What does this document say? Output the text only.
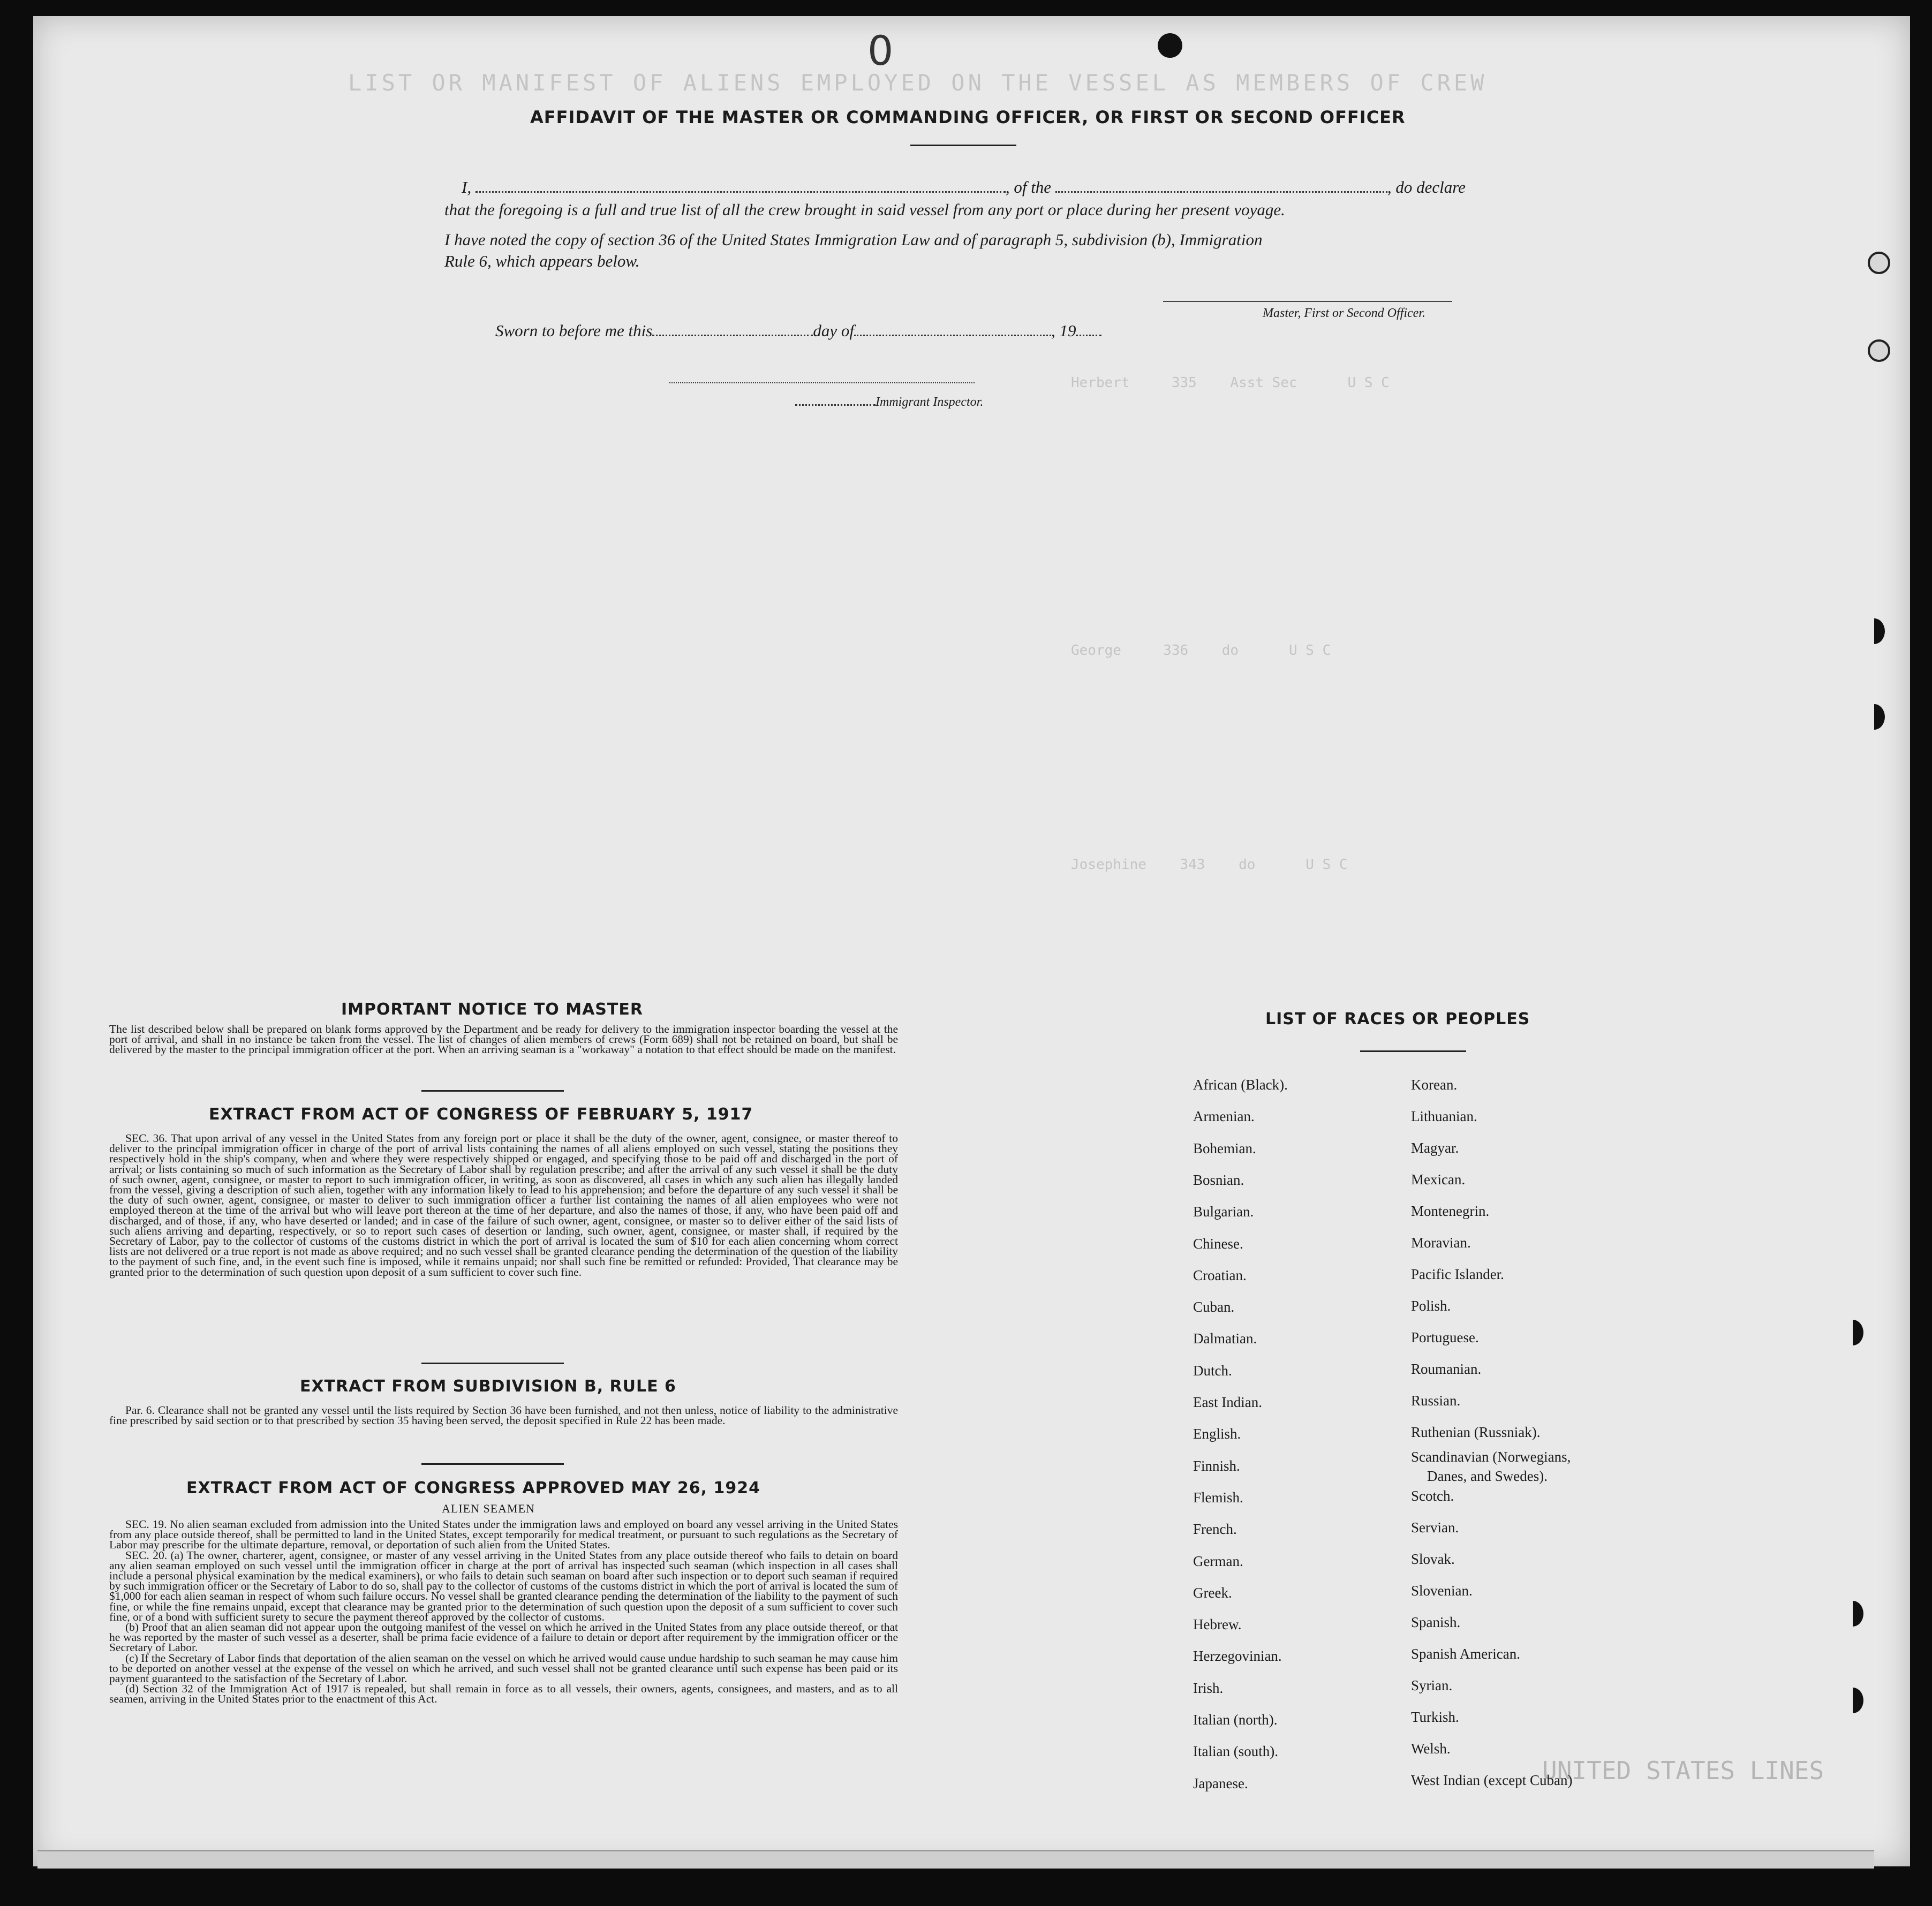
LIST OR MANIFEST OF ALIENS EMPLOYED ON THE VESSEL AS MEMBERS OF CREW
Herbert     335    Asst Sec      U S C
George     336    do      U S C
Josephine    343    do      U S C
UNITED STATES LINES
0
AFFIDAVIT OF THE MASTER OR COMMANDING OFFICER, OR FIRST OR SECOND OFFICER
I,	, of the	, do declare
that the foregoing is a full and true list of all the crew brought in said vessel from any port or place during her present voyage.
I have noted the copy of section 36 of the United States Immigration Law and of paragraph 5, subdivision (b), Immigration
Rule 6, which appears below.
Master, First or Second Officer.
Sworn to before me this	day of	, 19
Immigrant Inspector.
IMPORTANT NOTICE TO MASTER
The list described below shall be prepared on blank forms approved by the Department and be ready for delivery to the immigration inspector boarding the vessel at the port of arrival, and shall in no instance be taken from the vessel. The list of changes of alien members of crews (Form 689) shall not be retained on board, but shall be delivered by the master to the principal immigration officer at the port. When an arriving seaman is a "workaway" a notation to that effect should be made on the manifest.
EXTRACT FROM ACT OF CONGRESS OF FEBRUARY 5, 1917
SEC. 36. That upon arrival of any vessel in the United States from any foreign port or place it shall be the duty of the owner, agent, consignee, or master thereof to deliver to the principal immigration officer in charge of the port of arrival lists containing the names of all aliens employed on such vessel, stating the positions they respectively hold in the ship's company, when and where they were respectively shipped or engaged, and specifying those to be paid off and discharged in the port of arrival; or lists containing so much of such information as the Secretary of Labor shall by regulation prescribe; and after the arrival of any such vessel it shall be the duty of such owner, agent, consignee, or master to report to such immigration officer, in writing, as soon as discovered, all cases in which any such alien has illegally landed from the vessel, giving a description of such alien, together with any information likely to lead to his apprehension; and before the departure of any such vessel it shall be the duty of such owner, agent, consignee, or master to deliver to such immigration officer a further list containing the names of all alien employees who were not employed thereon at the time of the arrival but who will leave port thereon at the time of her departure, and also the names of those, if any, who have been paid off and discharged, and of those, if any, who have deserted or landed; and in case of the failure of such owner, agent, consignee, or master so to deliver either of the said lists of such aliens arriving and departing, respectively, or so to report such cases of desertion or landing, such owner, agent, consignee, or master shall, if required by the Secretary of Labor, pay to the collector of customs of the customs district in which the port of arrival is located the sum of $10 for each alien concerning whom correct lists are not delivered or a true report is not made as above required; and no such vessel shall be granted clearance pending the determination of the question of the liability to the payment of such fine, and, in the event such fine is imposed, while it remains unpaid; nor shall such fine be remitted or refunded: Provided, That clearance may be granted prior to the determination of such question upon deposit of a sum sufficient to cover such fine.
EXTRACT FROM SUBDIVISION B, RULE 6
Par. 6. Clearance shall not be granted any vessel until the lists required by Section 36 have been furnished, and not then unless, notice of liability to the administrative fine prescribed by said section or to that prescribed by section 35 having been served, the deposit specified in Rule 22 has been made.
EXTRACT FROM ACT OF CONGRESS APPROVED MAY 26, 1924
ALIEN SEAMEN

SEC. 19. No alien seaman excluded from admission into the United States under the immigration laws and employed on board any vessel arriving in the United States from any place outside thereof, shall be permitted to land in the United States, except temporarily for medical treatment, or pursuant to such regulations as the Secretary of Labor may prescribe for the ultimate departure, removal, or deportation of such alien from the United States.

SEC. 20. (a) The owner, charterer, agent, consignee, or master of any vessel arriving in the United States from any place outside thereof who fails to detain on board any alien seaman employed on such vessel until the immigration officer in charge at the port of arrival has inspected such seaman (which inspection in all cases shall include a personal physical examination by the medical examiners), or who fails to detain such seaman on board after such inspection or to deport such seaman if required by such immigration officer or the Secretary of Labor to do so, shall pay to the collector of customs of the customs district in which the port of arrival is located the sum of $1,000 for each alien seaman in respect of whom such failure occurs. No vessel shall be granted clearance pending the determination of the liability to the payment of such fine, or while the fine remains unpaid, except that clearance may be granted prior to the determination of such question upon the deposit of a sum sufficient to cover such fine, or of a bond with sufficient surety to secure the payment thereof approved by the collector of customs.

(b) Proof that an alien seaman did not appear upon the outgoing manifest of the vessel on which he arrived in the United States from any place outside thereof, or that he was reported by the master of such vessel as a deserter, shall be prima facie evidence of a failure to detain or deport after requirement by the immigration officer or the Secretary of Labor.

(c) If the Secretary of Labor finds that deportation of the alien seaman on the vessel on which he arrived would cause undue hardship to such seaman he may cause him to be deported on another vessel at the expense of the vessel on which he arrived, and such vessel shall not be granted clearance until such expense has been paid or its payment guaranteed to the satisfaction of the Secretary of Labor.

(d) Section 32 of the Immigration Act of 1917 is repealed, but shall remain in force as to all vessels, their owners, agents, consignees, and masters, and as to all seamen, arriving in the United States prior to the enactment of this Act.

LIST OF RACES OR PEOPLES
African (Black).
Armenian.
Bohemian.
Bosnian.
Bulgarian.
Chinese.
Croatian.
Cuban.
Dalmatian.
Dutch.
East Indian.
English.
Finnish.
Flemish.
French.
German.
Greek.
Hebrew.
Herzegovinian.
Irish.
Italian (north).
Italian (south).
Japanese.
Korean.
Lithuanian.
Magyar.
Mexican.
Montenegrin.
Moravian.
Pacific Islander.
Polish.
Portuguese.
Roumanian.
Russian.
Ruthenian (Russniak).
Scandinavian (Norwegians,
Danes, and Swedes).
Scotch.
Servian.
Slovak.
Slovenian.
Spanish.
Spanish American.
Syrian.
Turkish.
Welsh.
West Indian (except Cuban)
